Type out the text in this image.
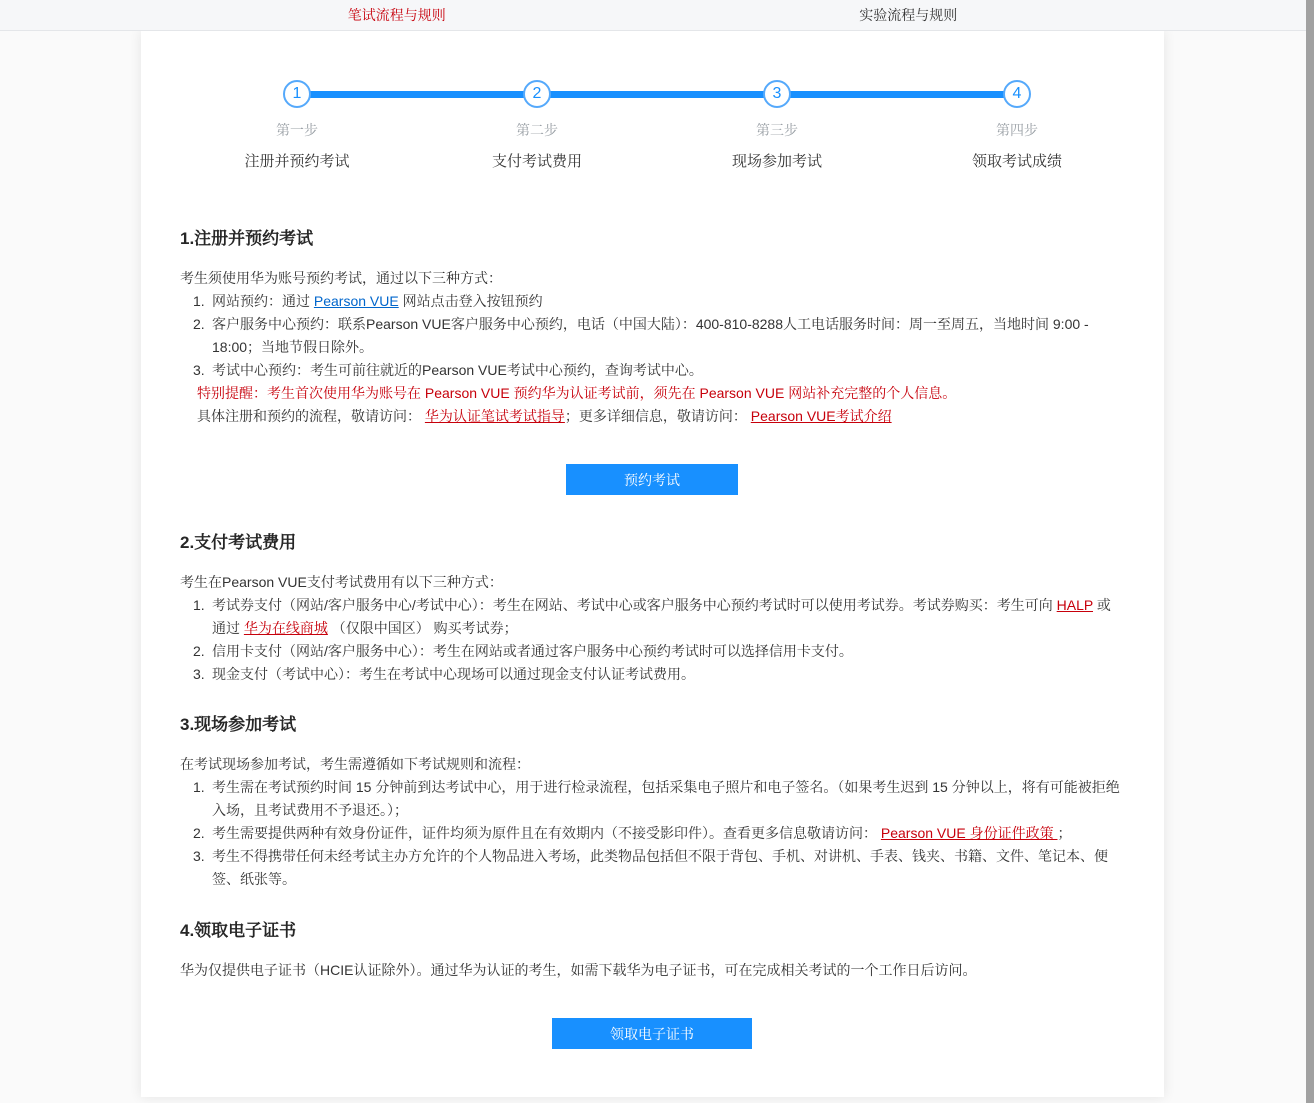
笔试流程与规则	实验流程与规则
1
第一步
注册并预约考试
2
第二步
支付考试费用
3
第三步
现场参加考试
4
第四步
领取考试成绩
1.注册并预约考试

考生须使用华为账号预约考试，通过以下三种方式：

1. 网站预约：通过 Pearson VUE 网站点击登入按钮预约
2. 客户服务中心预约：联系Pearson VUE客户服务中心预约，电话（中国大陆）：400-810-8288人工电话服务时间：周一至周五，当地时间 9:00 - 18:00；当地节假日除外。
3. 考试中心预约：考生可前往就近的Pearson VUE考试中心预约，查询考试中心。
特别提醒：考生首次使用华为账号在 Pearson VUE 预约华为认证考试前，须先在 Pearson VUE 网站补充完整的个人信息。
具体注册和预约的流程，敬请访问： 华为认证笔试考试指导；更多详细信息，敬请访问： Pearson VUE考试介绍
预约考试
2.支付考试费用

考生在Pearson VUE支付考试费用有以下三种方式：

1. 考试券支付（网站/客户服务中心/考试中心）：考生在网站、考试中心或客户服务中心预约考试时可以使用考试券。考试券购买：考生可向 HALP 或通过 华为在线商城 （仅限中国区） 购买考试券；
2. 信用卡支付（网站/客户服务中心）：考生在网站或者通过客户服务中心预约考试时可以选择信用卡支付。
3. 现金支付（考试中心）：考生在考试中心现场可以通过现金支付认证考试费用。
3.现场参加考试

在考试现场参加考试，考生需遵循如下考试规则和流程：

1. 考生需在考试预约时间 15 分钟前到达考试中心，用于进行检录流程，包括采集电子照片和电子签名。（如果考生迟到 15 分钟以上，将有可能被拒绝入场，且考试费用不予退还。）；
2. 考生需要提供两种有效身份证件，证件均须为原件且在有效期内（不接受影印件）。查看更多信息敬请访问： Pearson VUE 身份证件政策 ；
3. 考生不得携带任何未经考试主办方允许的个人物品进入考场，此类物品包括但不限于背包、手机、对讲机、手表、钱夹、书籍、文件、笔记本、便签、纸张等。
4.领取电子证书

华为仅提供电子证书（HCIE认证除外）。通过华为认证的考生，如需下载华为电子证书，可在完成相关考试的一个工作日后访问。

领取电子证书
